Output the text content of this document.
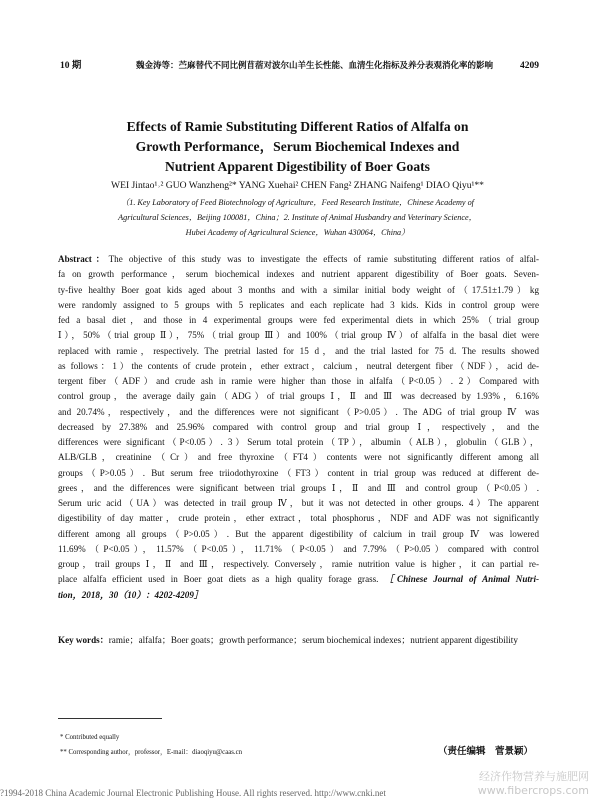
10 期	魏金涛等：苎麻替代不同比例苜蓿对波尔山羊生长性能、血清生化指标及养分表观消化率的影响	4209
Effects of Ramie Substituting Different Ratios of Alfalfa on
Growth Performance，Serum Biochemical Indexes and
Nutrient Apparent Digestibility of Boer Goats
WEI Jintao¹˒² GUO Wanzheng²* YANG Xuehai² CHEN Fang² ZHANG Naifeng¹ DIAO Qiyu¹**
（1. Key Laboratory of Feed Biotechnology of Agriculture，Feed Research Institute，Chinese Academy of
Agricultural Sciences，Beijing 100081，China；2. Institute of Animal Husbandry and Veterinary Science，
Hubei Academy of Agricultural Science，Wuhan 430064，China）
Abstract：The objective of this study was to investigate the effects of ramie substituting different ratios of alfal-
fa on growth performance，serum biochemical indexes and nutrient apparent digestibility of Boer goats. Seven-
ty-five healthy Boer goat kids aged about 3 months and with a similar initial body weight of（17.51±1.79）kg
were randomly assigned to 5 groups with 5 replicates and each replicate had 3 kids. Kids in control group were
fed a basal diet，and those in 4 experimental groups were fed experimental diets in which 25%（trial group
Ⅰ），50%（trial group Ⅱ），75%（trial group Ⅲ）and 100%（trial group Ⅳ）of alfalfa in the basal diet were
replaced with ramie，respectively. The pretrial lasted for 15 d，and the trial lasted for 75 d. The results showed
as follows：1）the contents of crude protein，ether extract，calcium，neutral detergent fiber（NDF），acid de-
tergent fiber（ADF）and crude ash in ramie were higher than those in alfalfa（P<0.05）. 2）Compared with
control group，the average daily gain（ADG）of trial groups Ⅰ，Ⅱ and Ⅲ was decreased by 1.93%，6.16%
and 20.74%，respectively，and the differences were not significant（P>0.05）. The ADG of trial group Ⅳ was
decreased by 27.38% and 25.96% compared with control group and trial group Ⅰ，respectively，and the
differences were significant（P<0.05）. 3）Serum total protein（TP），albumin（ALB），globulin（GLB），
ALB/GLB，creatinine（Cr）and free thyroxine（FT4）contents were not significantly different among all
groups（P>0.05）. But serum free triiodothyroxine（FT3）content in trial group was reduced at different de-
grees，and the differences were significant between trial groups Ⅰ，Ⅱ and Ⅲ and control group（P<0.05）.
Serum uric acid（UA）was detected in trail group Ⅳ，but it was not detected in other groups. 4）The apparent
digestibility of day matter，crude protein，ether extract，total phosphorus，NDF and ADF was not significantly
different among all groups（P>0.05）. But the apparent digestibility of calcium in trail group Ⅳ was lowered
11.69%（P<0.05），11.57%（P<0.05），11.71%（P<0.05）and 7.79%（P>0.05）compared with control
group，trail groups Ⅰ，Ⅱ and Ⅲ，respectively. Conversely，ramie nutrition value is higher，it can partial re-
place alfalfa efficient used in Boer goat diets as a high quality forage grass. ［Chinese Journal of Animal Nutri-
tion，2018，30（10）：4202-4209］
Key words：ramie；alfalfa；Boer goats；growth performance；serum biochemical indexes；nutrient apparent digestibility
* Contributed equally
** Corresponding author，professor，E-mail：diaoqiyu@caas.cn	（责任编辑　菅景颖）
?1994-2018 China Academic Journal Electronic Publishing House. All rights reserved. http://www.cnki.net
经济作物营养与施肥网
www.fibercrops.com
